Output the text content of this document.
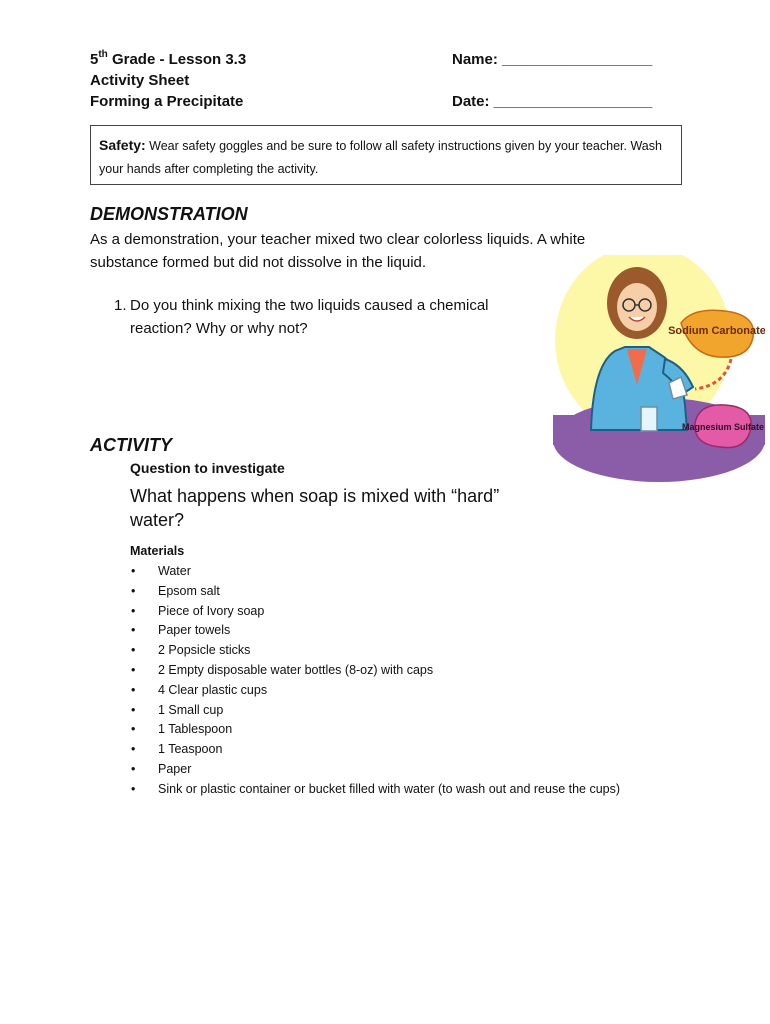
5th Grade - Lesson 3.3
Activity Sheet
Forming a Precipitate
Name: __________________
Date: ___________________
Safety: Wear safety goggles and be sure to follow all safety instructions given by your teacher. Wash your hands after completing the activity.
DEMONSTRATION
As a demonstration, your teacher mixed two clear colorless liquids. A white substance formed but did not dissolve in the liquid.
1. Do you think mixing the two liquids caused a chemical reaction? Why or why not?	Sodium Carbonate
Magnesium Sulfate
ACTIVITY
Question to investigate
What happens when soap is mixed with “hard” water?
Materials
• Water
• Epsom salt
• Piece of Ivory soap
• Paper towels
• 2 Popsicle sticks
• 2 Empty disposable water bottles (8-oz) with caps
• 4 Clear plastic cups
• 1 Small cup
• 1 Tablespoon
• 1 Teaspoon
• Paper
• Sink or plastic container or bucket filled with water (to wash out and reuse the cups)
